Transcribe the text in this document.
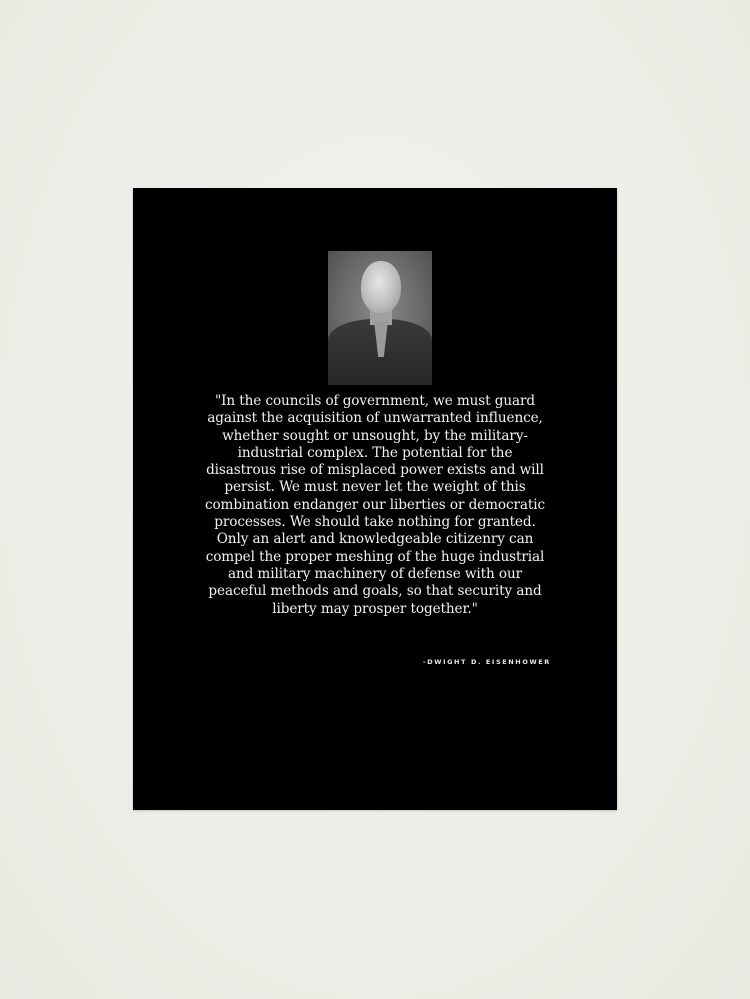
"In the councils of government, we must guard
against the acquisition of unwarranted influence,
whether sought or unsought, by the military-
industrial complex. The potential for the
disastrous rise of misplaced power exists and will
persist. We must never let the weight of this
combination endanger our liberties or democratic
processes. We should take nothing for granted.
Only an alert and knowledgeable citizenry can
compel the proper meshing of the huge industrial
and military machinery of defense with our
peaceful methods and goals, so that security and
liberty may prosper together."
-DWIGHT D. EISENHOWER
